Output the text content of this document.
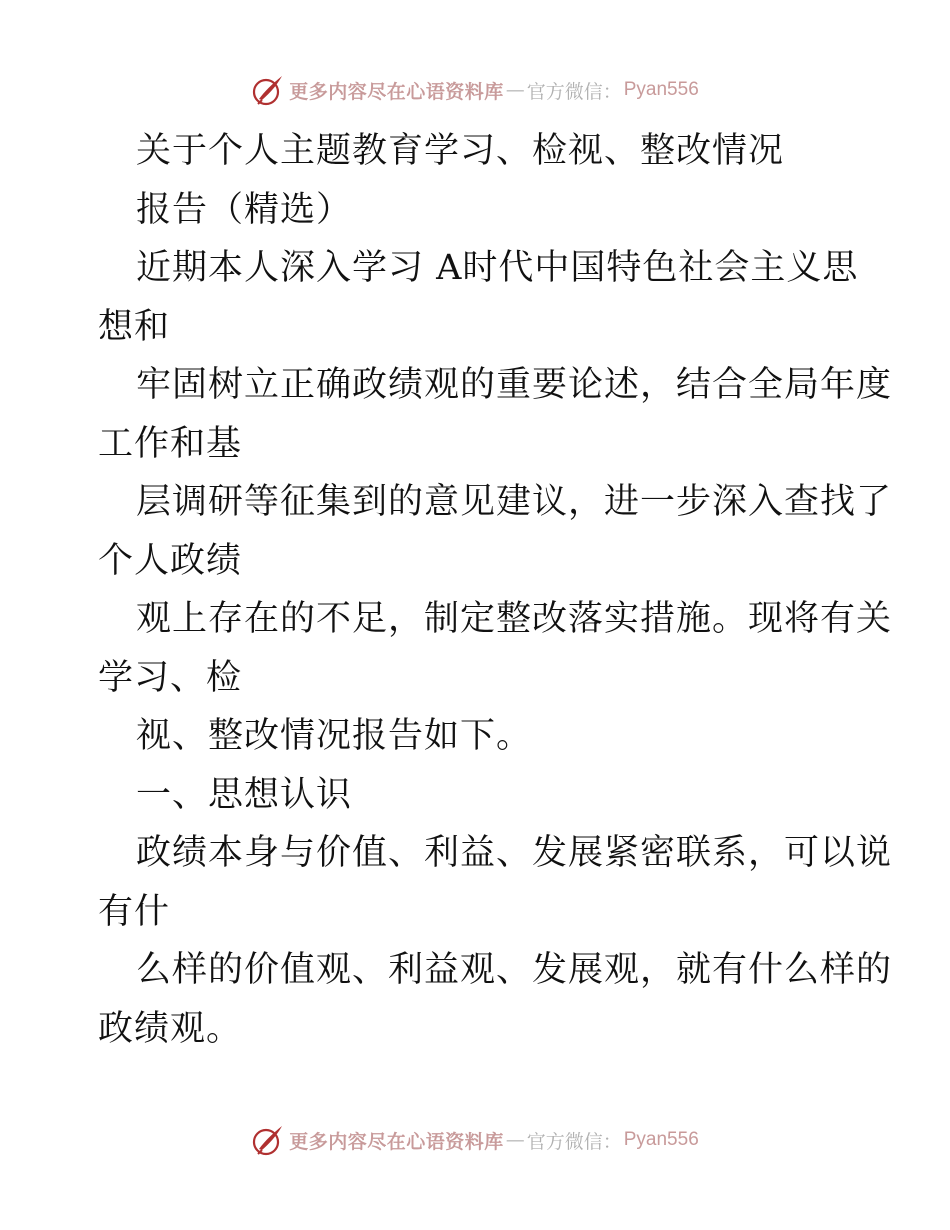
更多内容尽在心语资料库 — 官方微信： Pyan556
关于个人主题教育学习、检视、整改情况
报告（精选）
近期本人深入学习 A时代中国特色社会主义思
想和
牢固树立正确政绩观的重要论述，结合全局年度
工作和基
层调研等征集到的意见建议，进一步深入查找了
个人政绩
观上存在的不足，制定整改落实措施。现将有关
学习、检
视、整改情况报告如下。
一、思想认识
政绩本身与价值、利益、发展紧密联系，可以说
有什
么样的价值观、利益观、发展观，就有什么样的
政绩观。
更多内容尽在心语资料库 — 官方微信： Pyan556
